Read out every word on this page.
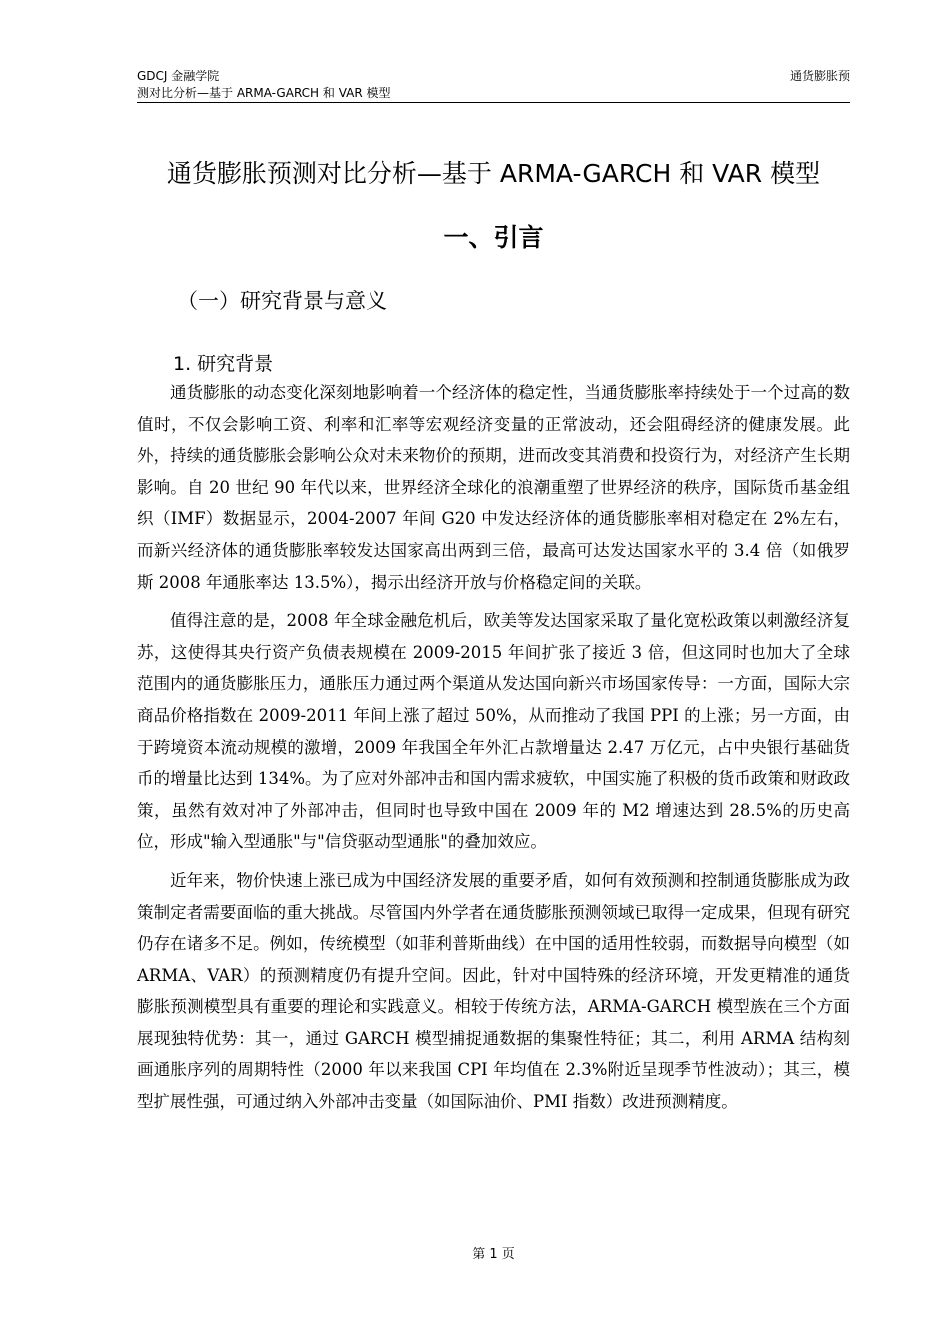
GDCJ 金融学院
测对比分析—基于 ARMA-GARCH 和 VAR 模型
通货膨胀预
通货膨胀预测对比分析—基于 ARMA-GARCH 和 VAR 模型
一、引言
（一）研究背景与意义
1. 研究背景

通货膨胀的动态变化深刻地影响着一个经济体的稳定性，当通货膨胀率持续处于一个过高的数值时，不仅会影响工资、利率和汇率等宏观经济变量的正常波动，还会阻碍经济的健康发展。此外，持续的通货膨胀会影响公众对未来物价的预期，进而改变其消费和投资行为，对经济产生长期影响。自 20 世纪 90 年代以来，世界经济全球化的浪潮重塑了世界经济的秩序，国际货币基金组织（IMF）数据显示，2004-2007 年间 G20 中发达经济体的通货膨胀率相对稳定在 2%左右，而新兴经济体的通货膨胀率较发达国家高出两到三倍，最高可达发达国家水平的 3.4 倍（如俄罗斯 2008 年通胀率达 13.5%），揭示出经济开放与价格稳定间的关联。

值得注意的是，2008 年全球金融危机后，欧美等发达国家采取了量化宽松政策以刺激经济复苏，这使得其央行资产负债表规模在 2009-2015 年间扩张了接近 3 倍，但这同时也加大了全球范围内的通货膨胀压力，通胀压力通过两个渠道从发达国向新兴市场国家传导：一方面，国际大宗商品价格指数在 2009-2011 年间上涨了超过 50%，从而推动了我国 PPI 的上涨；另一方面，由于跨境资本流动规模的激增，2009 年我国全年外汇占款增量达 2.47 万亿元，占中央银行基础货币的增量比达到 134%。为了应对外部冲击和国内需求疲软，中国实施了积极的货币政策和财政政策，虽然有效对冲了外部冲击，但同时也导致中国在 2009 年的 M2 增速达到 28.5%的历史高位，形成"输入型通胀"与"信贷驱动型通胀"的叠加效应。

近年来，物价快速上涨已成为中国经济发展的重要矛盾，如何有效预测和控制通货膨胀成为政策制定者需要面临的重大挑战。尽管国内外学者在通货膨胀预测领域已取得一定成果，但现有研究仍存在诸多不足。例如，传统模型（如菲利普斯曲线）在中国的适用性较弱，而数据导向模型（如 ARMA、VAR）的预测精度仍有提升空间。因此，针对中国特殊的经济环境，开发更精准的通货膨胀预测模型具有重要的理论和实践意义。相较于传统方法，ARMA-GARCH 模型族在三个方面展现独特优势：其一，通过 GARCH 模型捕捉通数据的集聚性特征；其二，利用 ARMA 结构刻画通胀序列的周期特性（2000 年以来我国 CPI 年均值在 2.3%附近呈现季节性波动）；其三，模型扩展性强，可通过纳入外部冲击变量（如国际油价、PMI 指数）改进预测精度。

第 1 页
